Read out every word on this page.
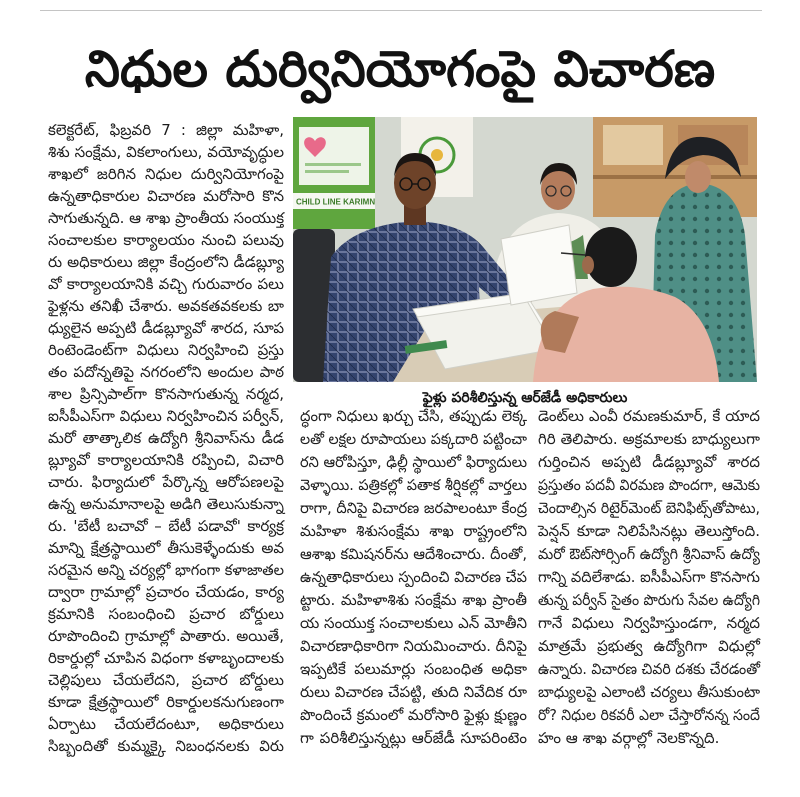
నిధుల దుర్వినియోగంపై విచారణ
కలెక్టరేట్, ఫిబ్రవరి 7 : జిల్లా మహిళా,
శిశు సంక్షేమ, వికలాంగులు, వయోవృద్ధుల
శాఖలో జరిగిన నిధుల దుర్వినియోగంపై
ఉన్నతాధికారుల విచారణ మరోసారి కొన
సాగుతున్నది. ఆ శాఖ ప్రాంతీయ సంయుక్త
సంచాలకుల కార్యాలయం నుంచి పలువు
రు అధికారులు జిల్లా కేంద్రంలోని డీడబ్ల్యూ
వో కార్యాలయానికి వచ్చి గురువారం పలు
ఫైళ్లను తనిఖీ చేశారు. అవకతవకలకు బా
ధ్యులైన అప్పటి డీడబ్ల్యూవో శారద, సూప
రింటెండెంట్‌గా విధులు నిర్వహించి ప్రస్తు
తం పదోన్నతిపై నగరంలోని అందుల పాఠ
శాల ప్రిన్సిపాల్‌గా కొనసాగుతున్న నర్మద,
ఐసీపీఎస్‌గా విధులు నిర్వహించిన పర్వీన్,
మరో తాత్కాలిక ఉద్యోగి శ్రీనివాస్‌ను డీడ
బ్ల్యూవో కార్యాలయానికి రప్పించి, విచారి
చారు. ఫిర్యాదులో పేర్కొన్న ఆరోపణలపై
ఉన్న అనుమానాలపై అడిగి తెలుసుకున్నా
రు. 'బేటీ బచావో – బేటీ పడావో' కార్యక్ర
మాన్ని క్షేత్రస్థాయిలో తీసుకెళ్ళేందుకు అవ
సరమైన అన్ని చర్యల్లో భాగంగా కళాజాతల
ద్వారా గ్రామాల్లో ప్రచారం చేయడం, కార్య
క్రమానికి సంబంధించి ప్రచార బోర్డులు
రూపొందించి గ్రామాల్లో పాతారు. అయితే,
రికార్డుల్లో చూపిన విధంగా కళాబృందాలకు
చెల్లిపులు చేయలేదని, ప్రచార బోర్డులు
కూడా క్షేత్రస్థాయిలో రికార్డులకనుగుణంగా
ఏర్పాటు చేయలేదంటూ, అధికారులు
సిబ్బందితో కుమ్మక్కై నిబంధనలకు విరు
CHILD LINE KARIMN
ఫైళ్లు పరిశీలిస్తున్న ఆర్‌జేడీ అధికారులు
ద్ధంగా నిధులు ఖర్చు చేసి, తప్పుడు లెక్క
లతో లక్షల రూపాయలు పక్కదారి పట్టించా
రని ఆరోపిస్తూ, ఢిల్లీ స్థాయిలో ఫిర్యాదులు
వెళ్ళాయి. పత్రికల్లో పతాక శీర్షికల్లో వార్తలు
రాగా, దీనిపై విచారణ జరపాలంటూ కేంద్ర
మహిళా శిశుసంక్షేమ శాఖ రాష్ట్రంలోని
ఆశాఖ కమిషనర్‌ను ఆదేశించారు. దీంతో,
ఉన్నతాధికారులు స్పందించి విచారణ చేప
ట్టారు. మహిళాశిశు సంక్షేమ శాఖ ప్రాంతీ
య సంయుక్త సంచాలకులు ఎన్ మోతీని
విచారణాధికారిగా నియమించారు. దీనిపై
ఇప్పటికే పలుమార్లు సంబంధిత అధికా
రులు విచారణ చేపట్టి, తుది నివేదిక రూ
పొందించే క్రమంలో మరోసారి ఫైళ్లు క్షుణ్ణం
గా పరిశీలిస్తున్నట్లు ఆర్‌జేడీ సూపరింటెం
డెంట్‌లు ఎంవీ రమణకుమార్, కే యాద
గిరి తెలిపారు. అక్రమాలకు బాధ్యులుగా
గుర్తించిన అప్పటి డీడబ్ల్యూవో శారద
ప్రస్తుతం పదవీ విరమణ పొందగా, ఆమెకు
చెందాల్సిన రిటైర్‌మెంట్ బెనిఫిట్స్‌తోపాటు,
పెన్షన్ కూడా నిలిపేసినట్లు తెలుస్తోంది.
మరో ఔట్‌సోర్సింగ్ ఉద్యోగి శ్రీనివాస్ ఉద్యో
గాన్ని వదిలేశాడు. ఐసీపీఎస్‌గా కొనసాగు
తున్న పర్వీన్ సైతం పొరుగు సేవల ఉద్యోగి
గానే విధులు నిర్వహిస్తుండగా, నర్మద
మాత్రమే ప్రభుత్వ ఉద్యోగిగా విధుల్లో
ఉన్నారు. విచారణ చివరి దశకు చేరడంతో
బాధ్యులపై ఎలాంటి చర్యలు తీసుకుంటా
రో? నిధుల రికవరీ ఎలా చేస్తారోనన్న సందే
హం ఆ శాఖ వర్గాల్లో నెలకొన్నది.
